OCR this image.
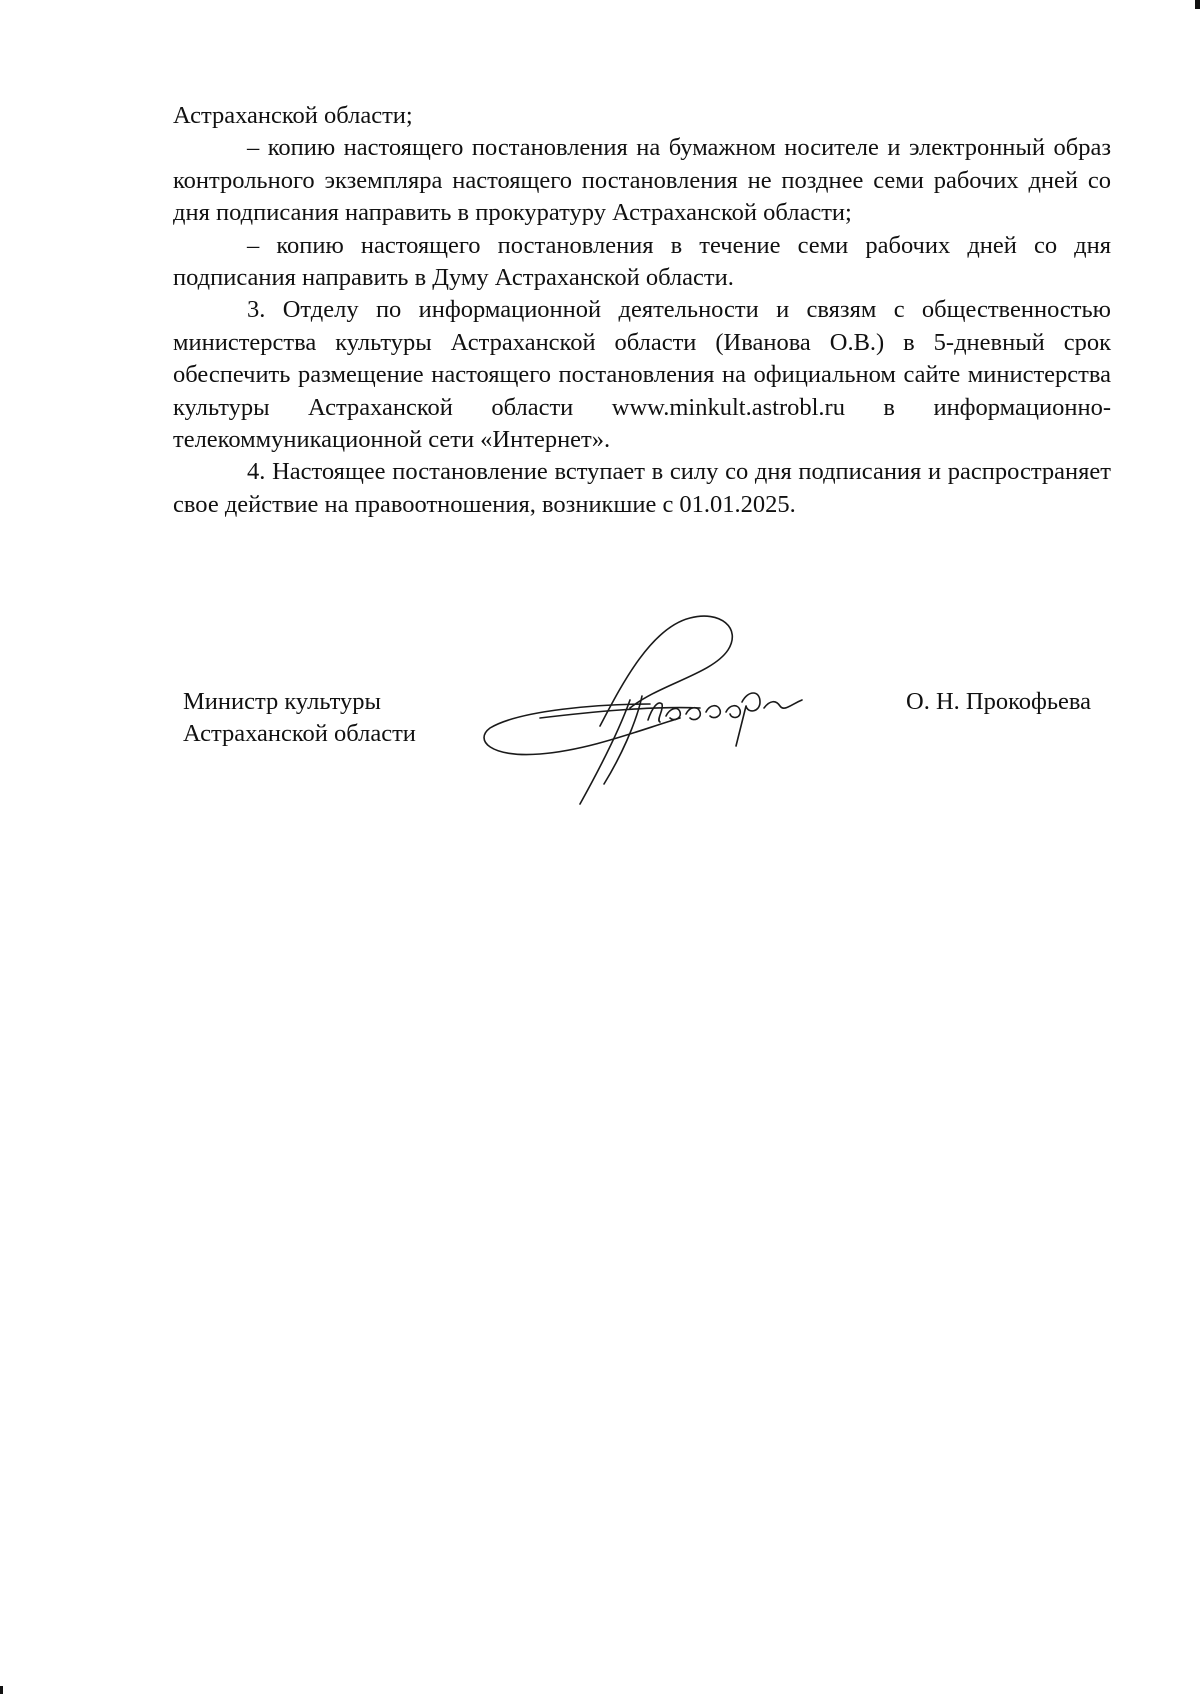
Астраханской области;

– копию настоящего постановления на бумажном носителе и электронный образ контрольного экземпляра настоящего постановления не позднее семи рабочих дней со дня подписания направить в прокуратуру Астраханской области;

– копию настоящего постановления в течение семи рабочих дней со дня подписания направить в Думу Астраханской области.

3. Отделу по информационной деятельности и связям с общественностью министерства культуры Астраханской области (Иванова О.В.) в 5-дневный срок обеспечить размещение настоящего постановления на официальном сайте министерства культуры Астраханской области www.minkult.astrobl.ru в информационно-телекоммуникационной сети «Интернет».

4. Настоящее постановление вступает в силу со дня подписания и распространяет свое действие на правоотношения, возникшие с 01.01.2025.

Министр культуры
Астраханской области
О. Н. Прокофьева
